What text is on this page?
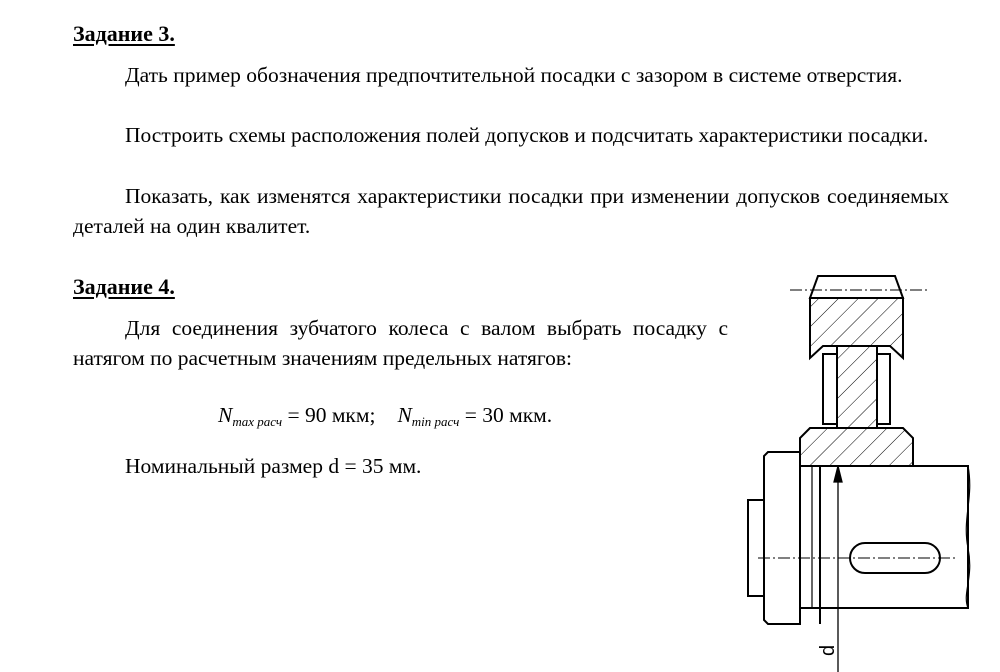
Задание 3.

Дать пример обозначения предпочтительной посадки с зазором в системе отверстия.

Построить схемы расположения полей допусков и подсчитать характеристики посадки.

Показать, как изменятся характеристики посадки при изменении допусков соединяемых деталей на один квалитет.

Задание 4.

Для соединения зубчатого колеса с валом выбрать посадку с натягом по расчетным значениям предельных натягов:

$N_{max расч} = 90$ мкм; $N_{min расч} = 30$ мкм.

Номинальный размер d = 35 мм.

d
